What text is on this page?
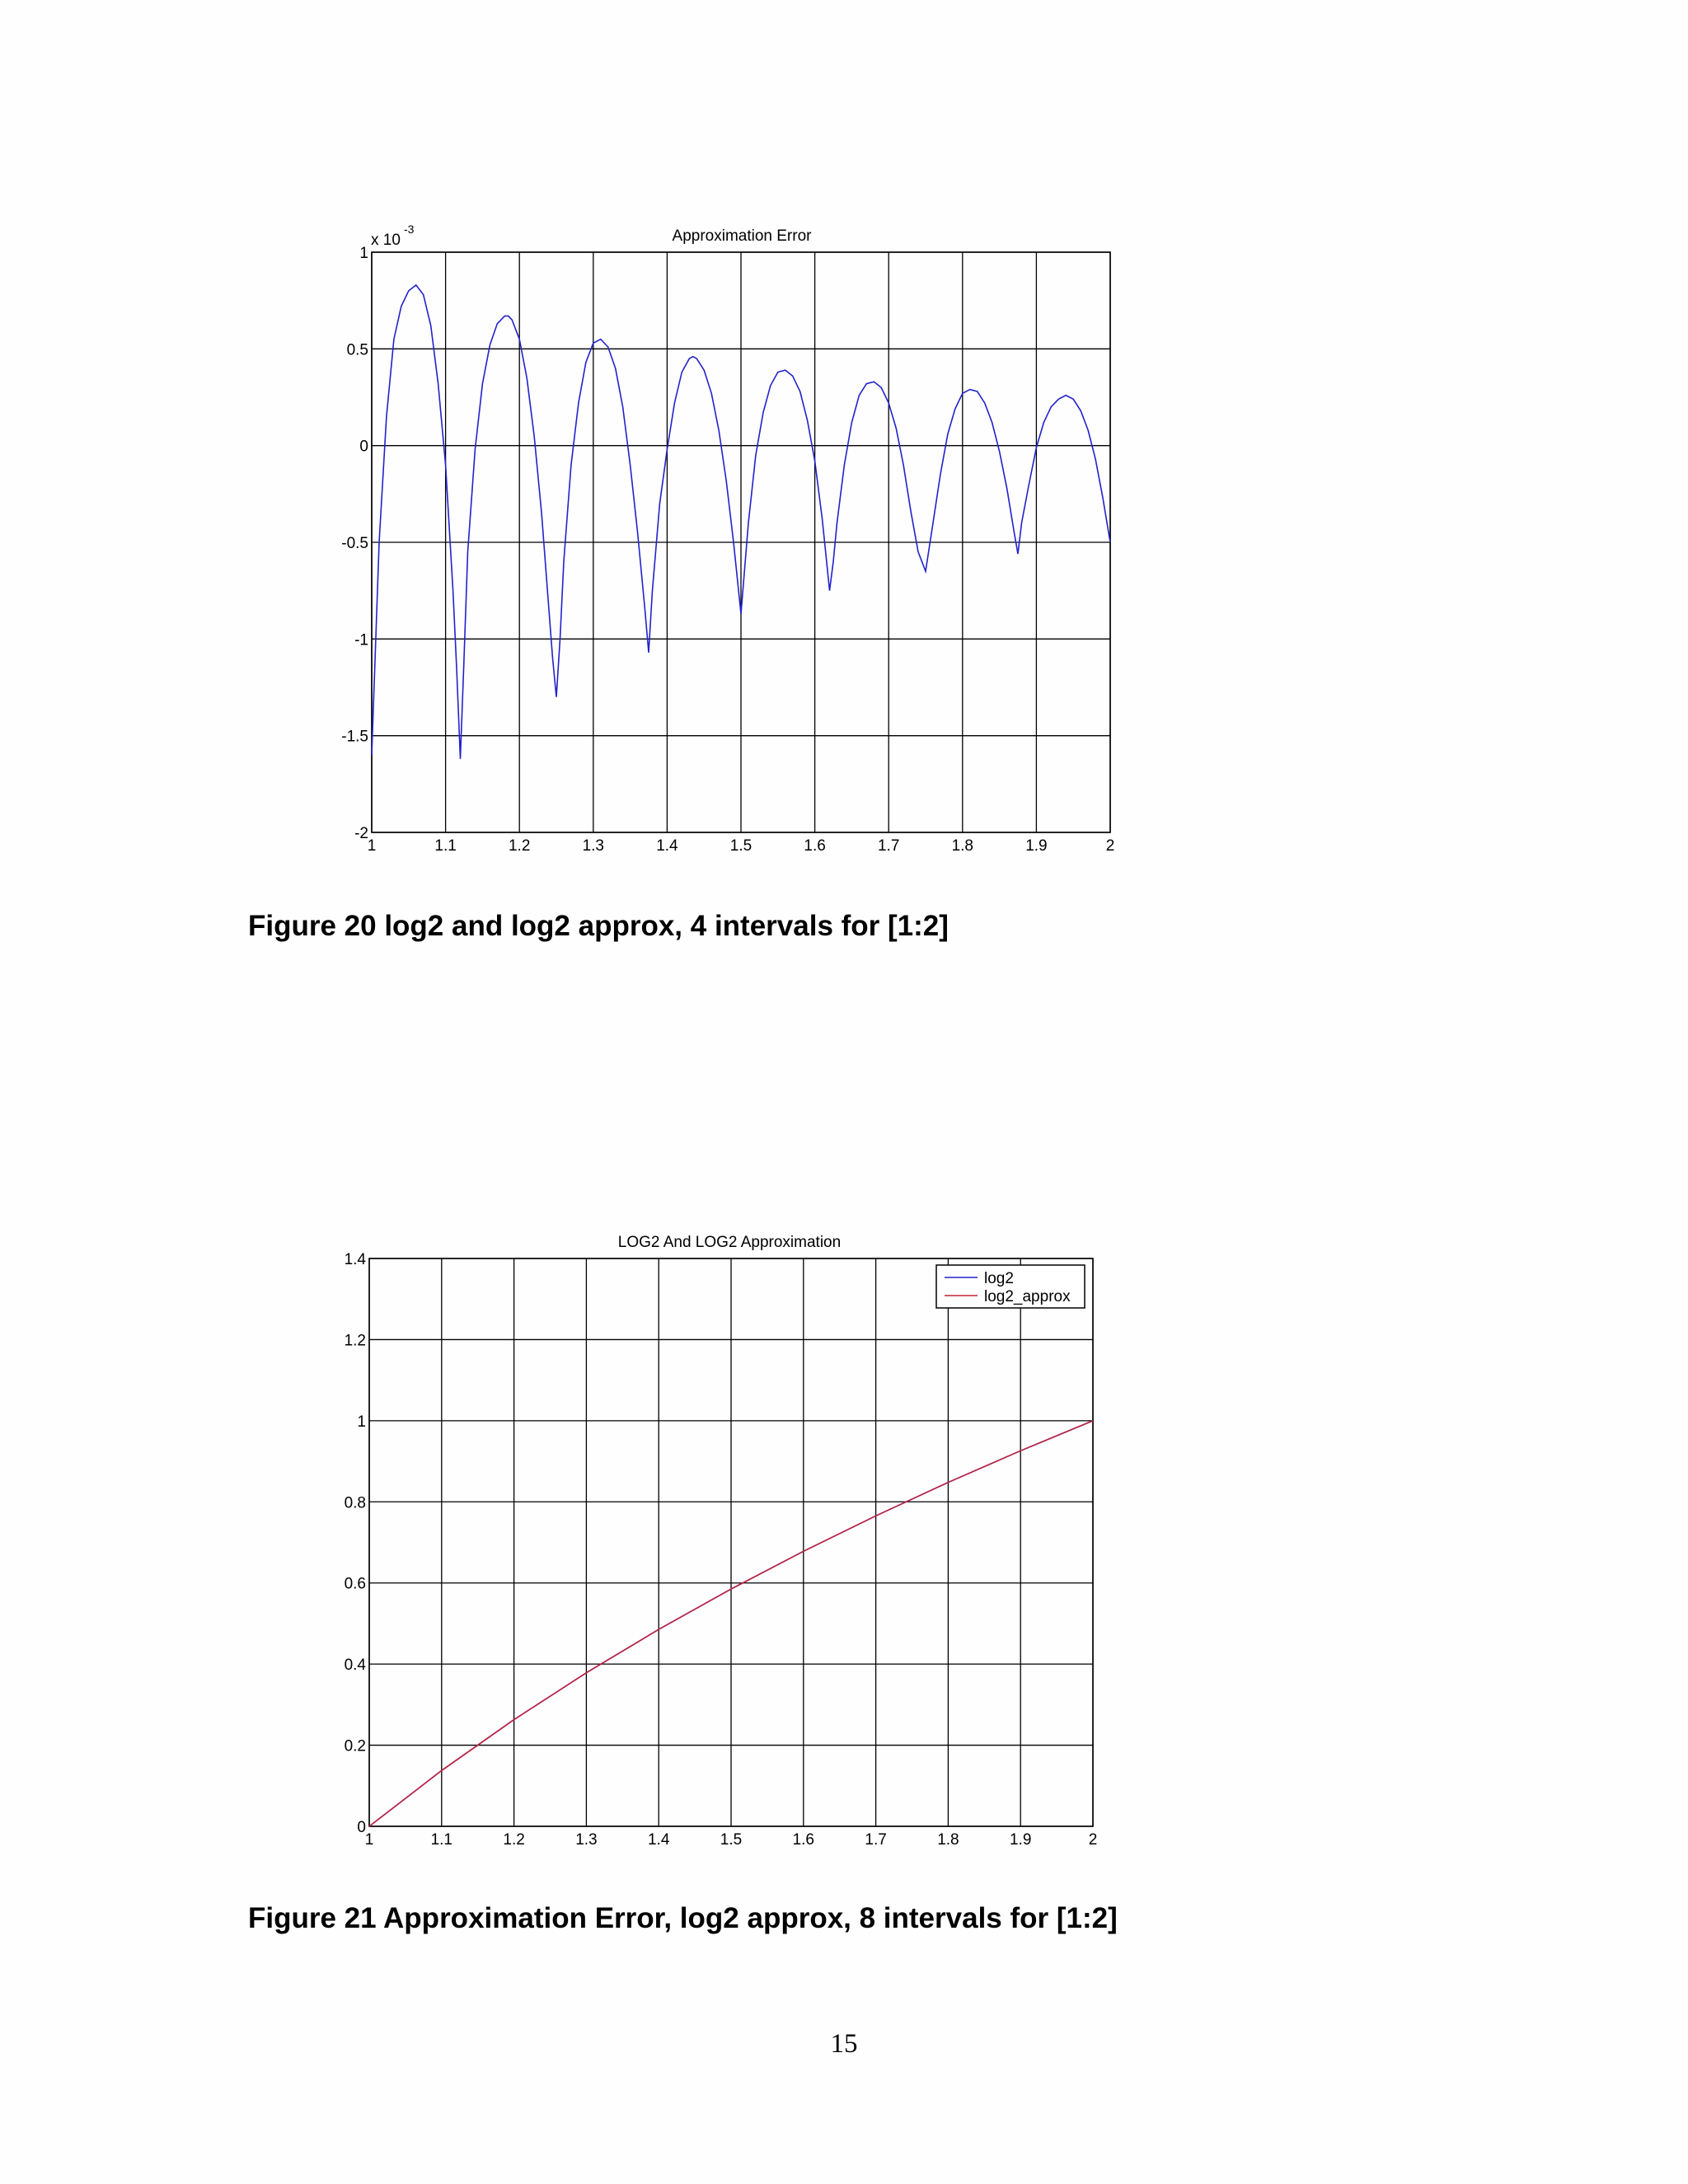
1	1.1	1.2	1.3	1.4	1.5	1.6	1.7	1.8	1.9	2
1
0.5
0
-0.5
-1
-1.5
-2
Approximation Error
x 10
-3
Figure 20 log2 and log2 approx, 4 intervals for [1:2]
1	1.1	1.2	1.3	1.4	1.5	1.6	1.7	1.8	1.9	2
1.4
1.2
1
0.8
0.6
0.4
0.2
0
LOG2 And LOG2 Approximation
log2
log2_approx
Figure 21 Approximation Error, log2 approx, 8 intervals for [1:2]
15
